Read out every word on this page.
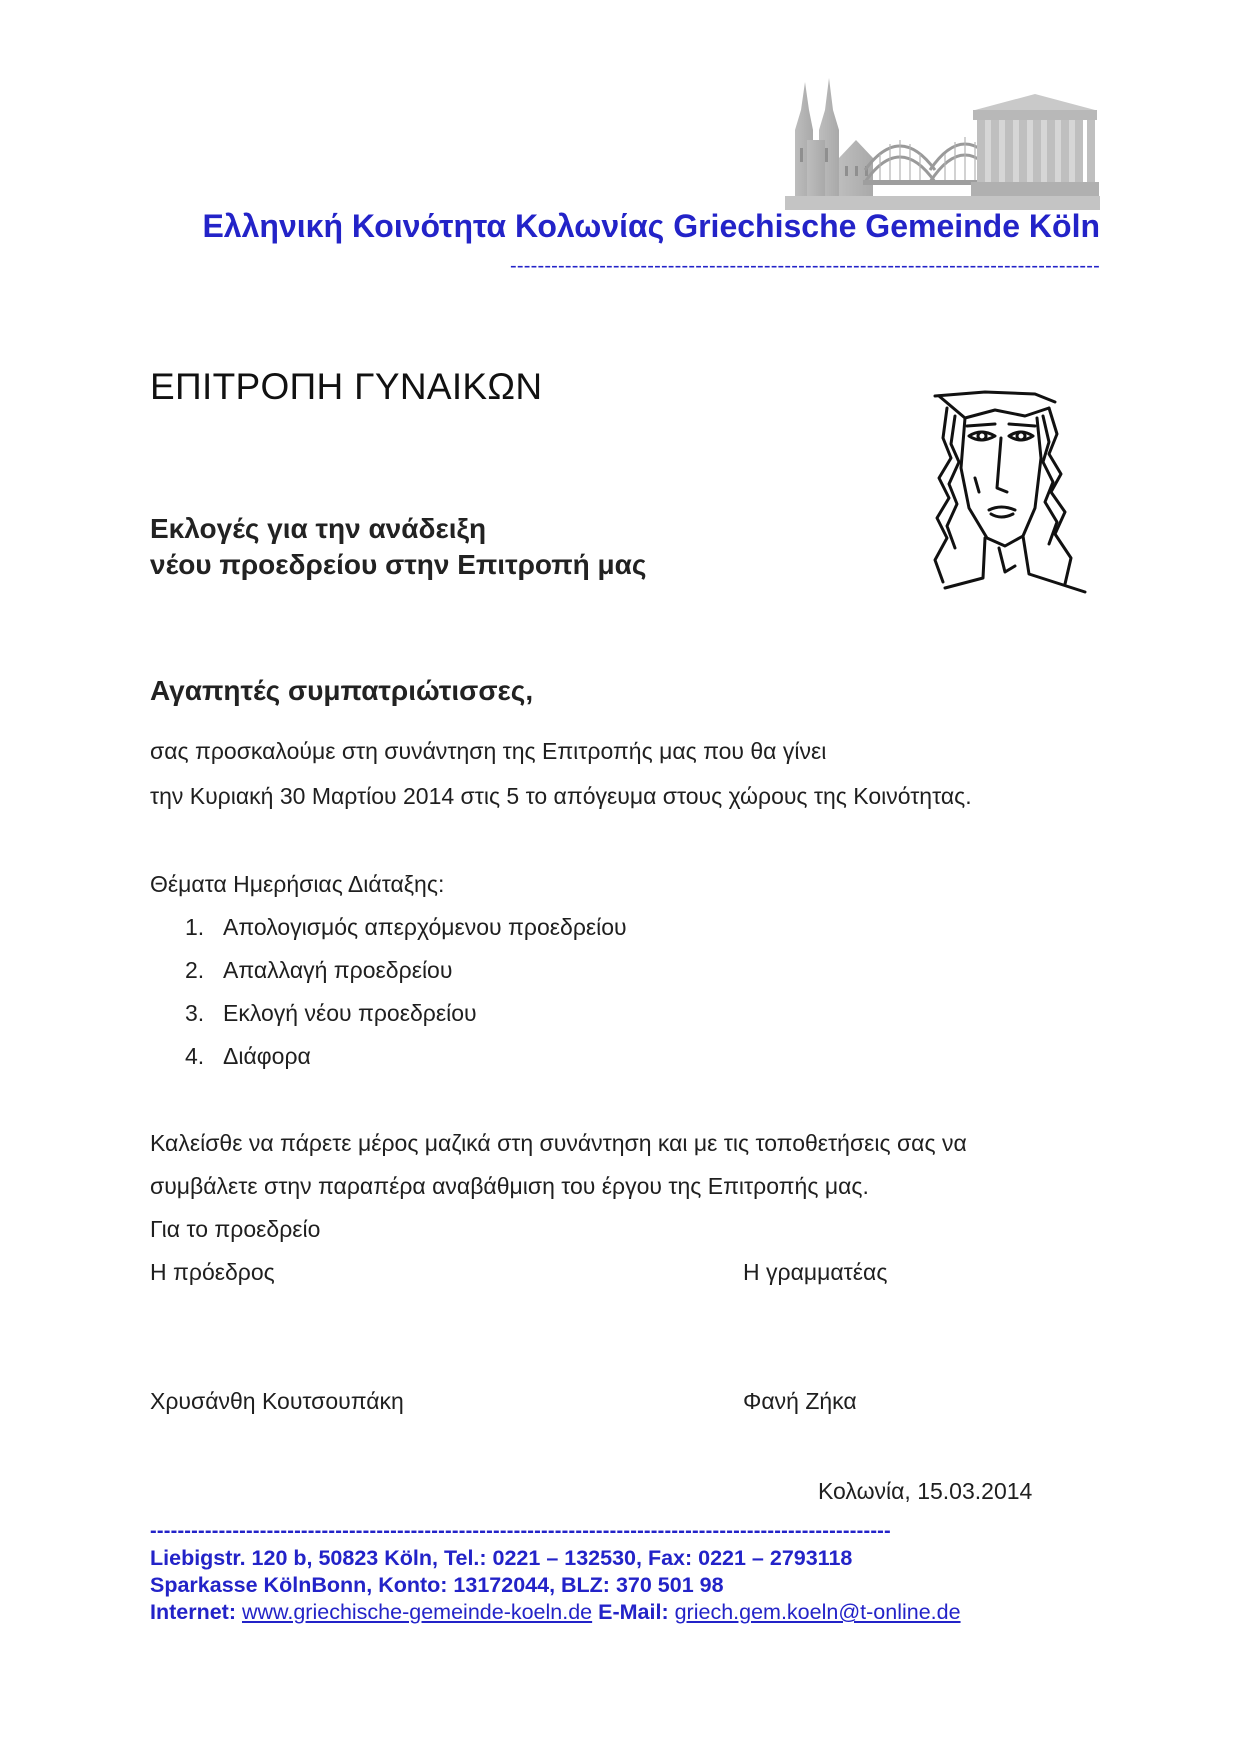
Ελληνική Κοινότητα Κολωνίας Griechische Gemeinde Köln
--------------------------------------------------------------------------------------
ΕΠΙΤΡΟΠΗ ΓΥΝΑΙΚΩΝ
Εκλογές για την ανάδειξη
νέου προεδρείου στην Επιτροπή μας
Αγαπητές συμπατριώτισσες,
σας προσκαλούμε στη συνάντηση της Επιτροπής μας που θα γίνει
την Κυριακή 30 Μαρτίου 2014 στις 5 το απόγευμα στους χώρους της Κοινότητας.
Θέματα Ημερήσιας Διάταξης:
1. Απολογισμός απερχόμενου προεδρείου
2. Απαλλαγή προεδρείου
3. Εκλογή νέου προεδρείου
4. Διάφορα
Καλείσθε να πάρετε μέρος μαζικά στη συνάντηση και με τις τοποθετήσεις σας να
συμβάλετε στην παραπέρα αναβάθμιση του έργου της Επιτροπής μας.
Για το προεδρείο
Η πρόεδρος	Η γραμματέας
Χρυσάνθη Κουτσουπάκη	Φανή Ζήκα
Κολωνία, 15.03.2014
------------------------------------------------------------------------------------------------------------
Liebigstr. 120 b, 50823 Köln, Tel.: 0221 – 132530, Fax: 0221 – 2793118
Sparkasse KölnBonn, Konto: 13172044, BLZ: 370 501 98
Internet: www.griechische-gemeinde-koeln.de E-Mail: griech.gem.koeln@t-online.de
